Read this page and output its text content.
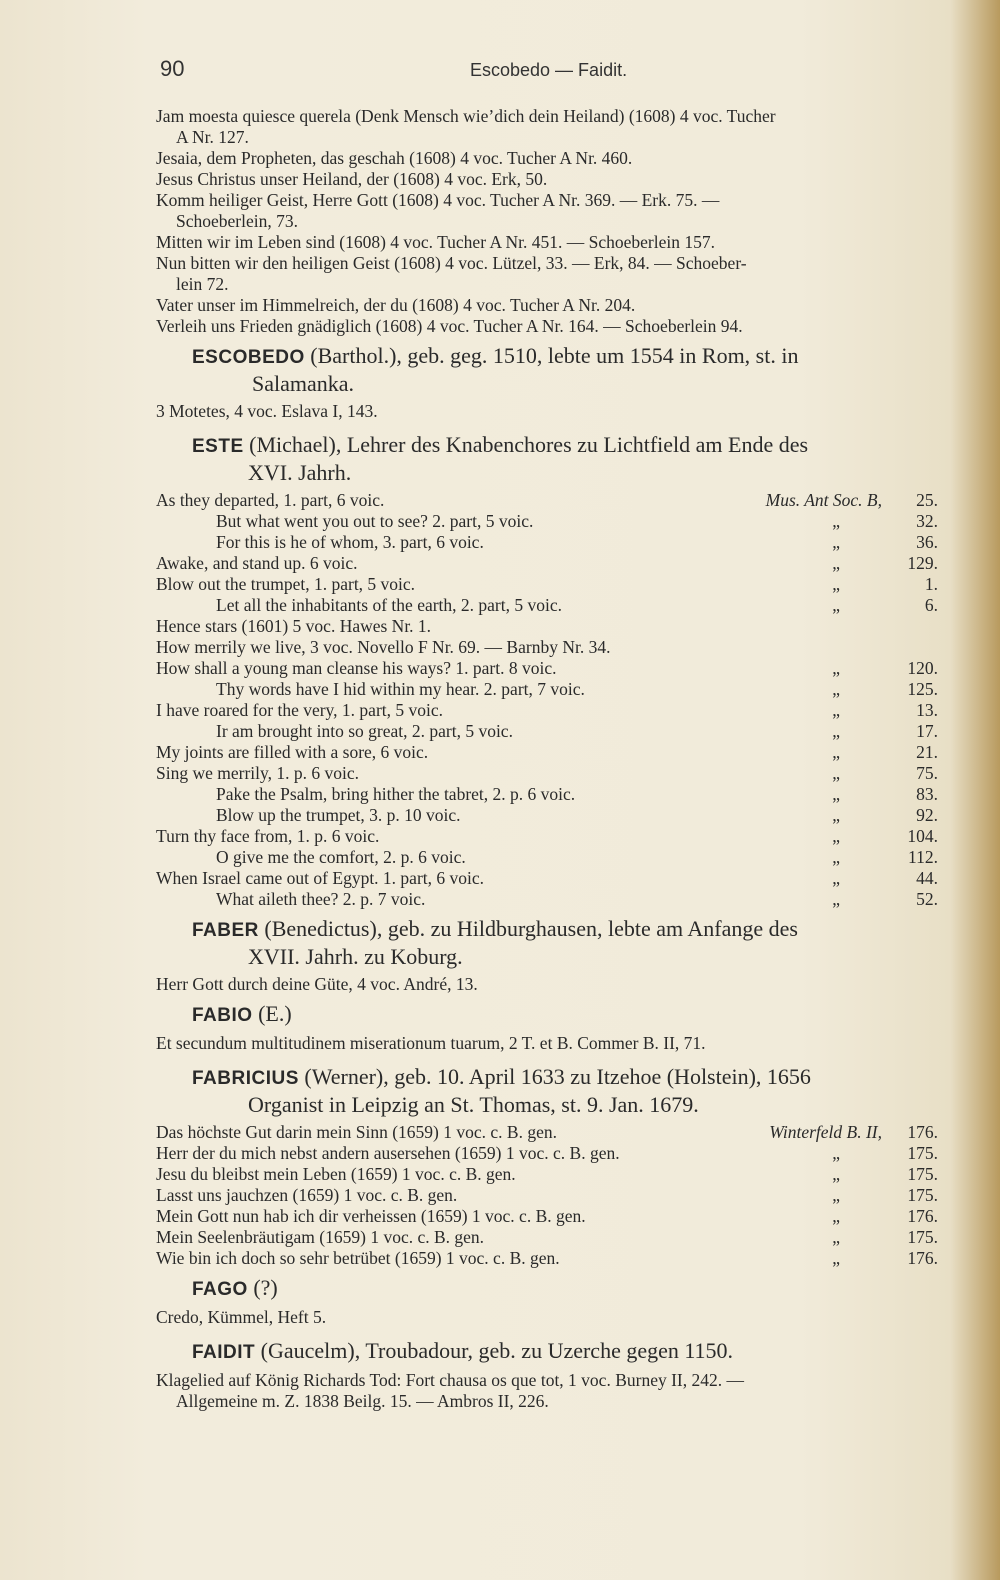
90	Escobedo — Faidit.
Jam moesta quiesce querela (Denk Mensch wie’dich dein Heiland) (1608) 4 voc. Tucher
A Nr. 127.
Jesaia, dem Propheten, das geschah (1608) 4 voc. Tucher A Nr. 460.
Jesus Christus unser Heiland, der (1608) 4 voc. Erk, 50.
Komm heiliger Geist, Herre Gott (1608) 4 voc. Tucher A Nr. 369. — Erk. 75. —
Schoeberlein, 73.
Mitten wir im Leben sind (1608) 4 voc. Tucher A Nr. 451. — Schoeberlein 157.
Nun bitten wir den heiligen Geist (1608) 4 voc. Lützel, 33. — Erk, 84. — Schoeber-
lein 72.
Vater unser im Himmelreich, der du (1608) 4 voc. Tucher A Nr. 204.
Verleih uns Frieden gnädiglich (1608) 4 voc. Tucher A Nr. 164. — Schoeberlein 94.
ESCOBEDO (Barthol.), geb. geg. 1510, lebte um 1554 in Rom, st. in
Salamanka.
3 Motetes, 4 voc. Eslava I, 143.
ESTE (Michael), Lehrer des Knabenchores zu Lichtfield am Ende des
XVI. Jahrh.
As they departed, 1. part, 6 voic.	Mus. Ant Soc. B, 25.
But what went you out to see? 2. part, 5 voic.	„	32.
For this is he of whom, 3. part, 6 voic.	„	36.
Awake, and stand up. 6 voic.	„	129.
Blow out the trumpet, 1. part, 5 voic.	„	1.
Let all the inhabitants of the earth, 2. part, 5 voic.	„	6.
Hence stars (1601) 5 voc. Hawes Nr. 1.
How merrily we live, 3 voc. Novello F Nr. 69. — Barnby Nr. 34.
How shall a young man cleanse his ways? 1. part. 8 voic.	„	120.
Thy words have I hid within my hear. 2. part, 7 voic.	„	125.
I have roared for the very, 1. part, 5 voic.	„	13.
Ir am brought into so great, 2. part, 5 voic.	„	17.
My joints are filled with a sore, 6 voic.	„	21.
Sing we merrily, 1. p. 6 voic.	„	75.
Pake the Psalm, bring hither the tabret, 2. p. 6 voic.	„	83.
Blow up the trumpet, 3. p. 10 voic.	„	92.
Turn thy face from, 1. p. 6 voic.	„	104.
O give me the comfort, 2. p. 6 voic.	„	112.
When Israel came out of Egypt. 1. part, 6 voic.	„	44.
What aileth thee? 2. p. 7 voic.	„	52.
FABER (Benedictus), geb. zu Hildburghausen, lebte am Anfange des
XVII. Jahrh. zu Koburg.
Herr Gott durch deine Güte, 4 voc. André, 13.
FABIO (E.)
Et secundum multitudinem miserationum tuarum, 2 T. et B. Commer B. II, 71.
FABRICIUS (Werner), geb. 10. April 1633 zu Itzehoe (Holstein), 1656
Organist in Leipzig an St. Thomas, st. 9. Jan. 1679.
Das höchste Gut darin mein Sinn (1659) 1 voc. c. B. gen.	Winterfeld B. II, 176.
Herr der du mich nebst andern ausersehen (1659) 1 voc. c. B. gen.	„	175.
Jesu du bleibst mein Leben (1659) 1 voc. c. B. gen.	„	175.
Lasst uns jauchzen (1659) 1 voc. c. B. gen.	„	175.
Mein Gott nun hab ich dir verheissen (1659) 1 voc. c. B. gen.	„	176.
Mein Seelenbräutigam (1659) 1 voc. c. B. gen.	„	175.
Wie bin ich doch so sehr betrübet (1659) 1 voc. c. B. gen.	„	176.
FAGO (?)
Credo, Kümmel, Heft 5.
FAIDIT (Gaucelm), Troubadour, geb. zu Uzerche gegen 1150.
Klagelied auf König Richards Tod: Fort chausa os que tot, 1 voc. Burney II, 242. —
Allgemeine m. Z. 1838 Beilg. 15. — Ambros II, 226.
